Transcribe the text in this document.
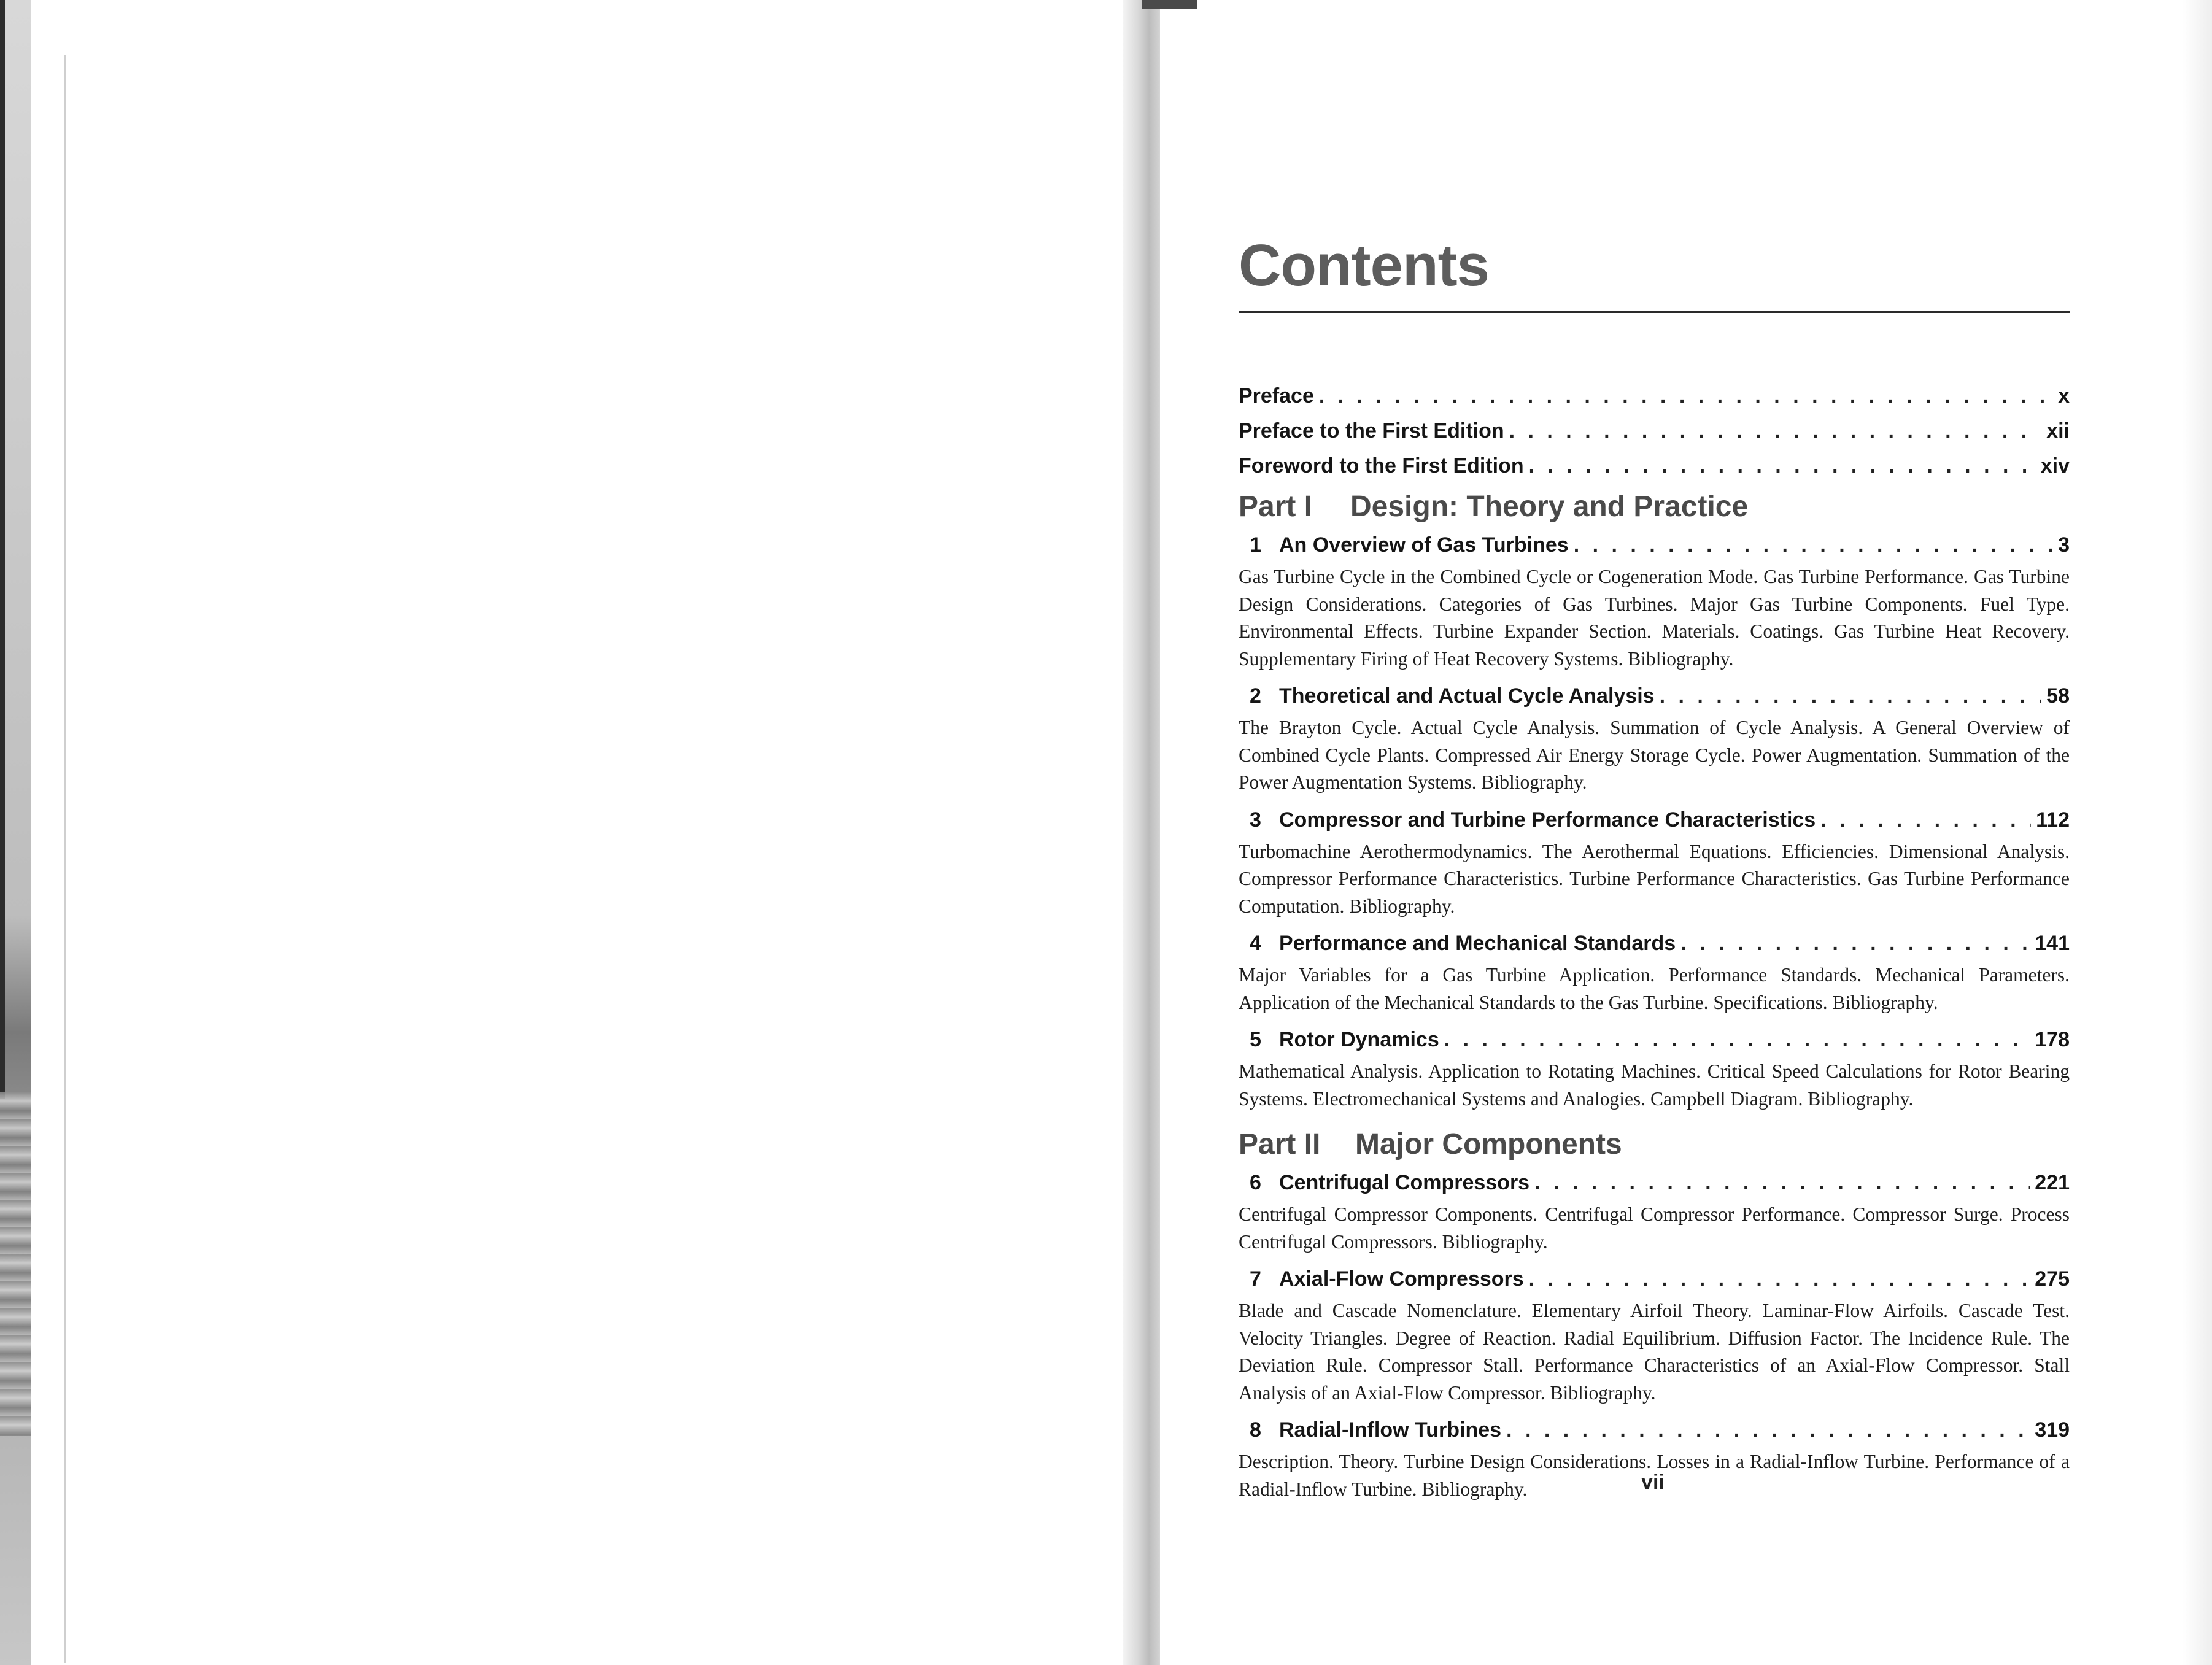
Contents
Preface . . .	x
Preface to the First Edition . . .	xii
Foreword to the First Edition . . .	xiv
Part I	Design: Theory and Practice
1 An Overview of Gas Turbines . . .	3
Gas Turbine Cycle in the Combined Cycle or Cogeneration Mode. Gas Turbine Performance. Gas Turbine Design Considerations. Categories of Gas Turbines. Major Gas Turbine Components. Fuel Type. Environmental Effects. Turbine Expander Section. Materials. Coatings. Gas Turbine Heat Recovery. Supplementary Firing of Heat Recovery Systems. Bibliography.
2 Theoretical and Actual Cycle Analysis . . .	58
The Brayton Cycle. Actual Cycle Analysis. Summation of Cycle Analysis. A General Overview of Combined Cycle Plants. Compressed Air Energy Storage Cycle. Power Augmentation. Summation of the Power Augmentation Systems. Bibliography.
3 Compressor and Turbine Performance Characteristics . . .	112
Turbomachine Aerothermodynamics. The Aerothermal Equations. Efficiencies. Dimensional Analysis. Compressor Performance Characteristics. Turbine Performance Characteristics. Gas Turbine Performance Computation. Bibliography.
4 Performance and Mechanical Standards . . .	141
Major Variables for a Gas Turbine Application. Performance Standards. Mechanical Parameters. Application of the Mechanical Standards to the Gas Turbine. Specifications. Bibliography.
5 Rotor Dynamics . . .	178
Mathematical Analysis. Application to Rotating Machines. Critical Speed Calculations for Rotor Bearing Systems. Electromechanical Systems and Analogies. Campbell Diagram. Bibliography.
Part II	Major Components
6 Centrifugal Compressors . . .	221
Centrifugal Compressor Components. Centrifugal Compressor Performance. Compressor Surge. Process Centrifugal Compressors. Bibliography.
7 Axial-Flow Compressors . . .	275
Blade and Cascade Nomenclature. Elementary Airfoil Theory. Laminar-Flow Airfoils. Cascade Test. Velocity Triangles. Degree of Reaction. Radial Equilibrium. Diffusion Factor. The Incidence Rule. The Deviation Rule. Compressor Stall. Performance Characteristics of an Axial-Flow Compressor. Stall Analysis of an Axial-Flow Compressor. Bibliography.
8 Radial-Inflow Turbines . . .	319
Description. Theory. Turbine Design Considerations. Losses in a Radial-Inflow Turbine. Performance of a Radial-Inflow Turbine. Bibliography.	vii
